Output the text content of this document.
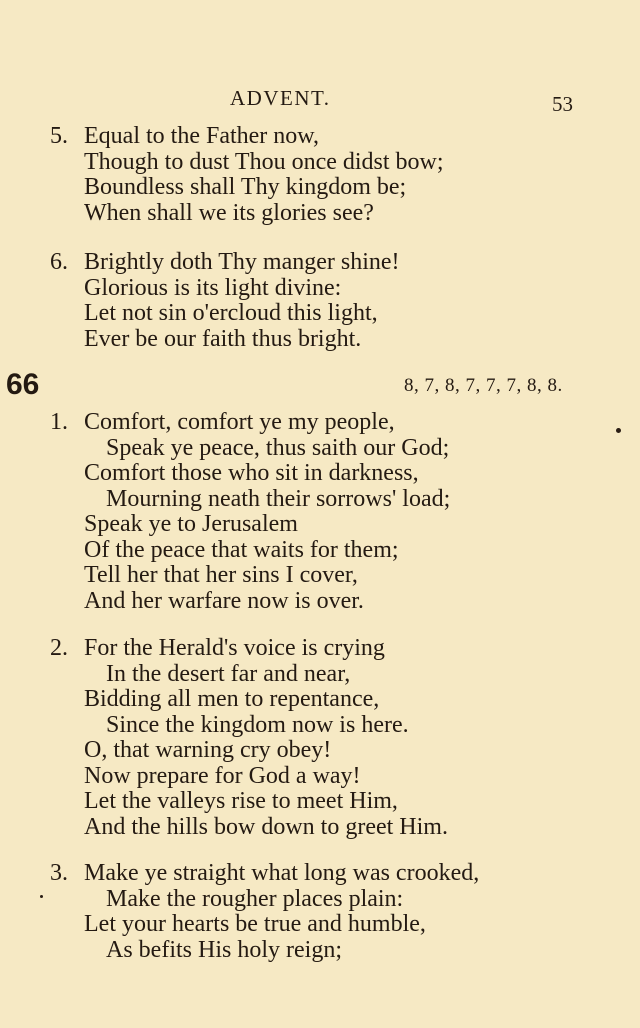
ADVENT.	53
5. Equal to the Father now,
Though to dust Thou once didst bow;
Boundless shall Thy kingdom be;
When shall we its glories see?
6. Brightly doth Thy manger shine!
Glorious is its light divine:
Let not sin o'ercloud this light,
Ever be our faith thus bright.
66	8, 7, 8, 7, 7, 7, 8, 8.
1. Comfort, comfort ye my people,
Speak ye peace, thus saith our God;
Comfort those who sit in darkness,
Mourning neath their sorrows' load;
Speak ye to Jerusalem
Of the peace that waits for them;
Tell her that her sins I cover,
And her warfare now is over.
2. For the Herald's voice is crying
In the desert far and near,
Bidding all men to repentance,
Since the kingdom now is here.
O, that warning cry obey!
Now prepare for God a way!
Let the valleys rise to meet Him,
And the hills bow down to greet Him.
3. Make ye straight what long was crooked,
Make the rougher places plain:
Let your hearts be true and humble,
As befits His holy reign;
